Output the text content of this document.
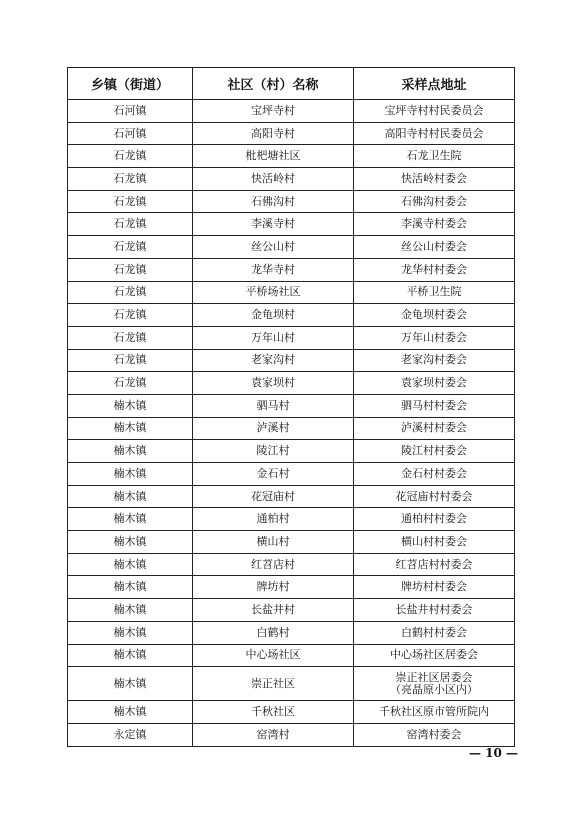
乡镇（街道）	社区（村）名称	采样点地址
石河镇	宝坪寺村	宝坪寺村村民委员会
石河镇	高阳寺村	高阳寺村村民委员会
石龙镇	枇杷塘社区	石龙卫生院
石龙镇	快活岭村	快活岭村委会
石龙镇	石佛沟村	石佛沟村委会
石龙镇	李溪寺村	李溪寺村委会
石龙镇	丝公山村	丝公山村委会
石龙镇	龙华寺村	龙华村村委会
石龙镇	平桥场社区	平桥卫生院
石龙镇	金龟坝村	金龟坝村委会
石龙镇	万年山村	万年山村委会
石龙镇	老家沟村	老家沟村委会
石龙镇	袁家坝村	袁家坝村委会
楠木镇	驷马村	驷马村村委会
楠木镇	泸溪村	泸溪村村委会
楠木镇	陵江村	陵江村村委会
楠木镇	金石村	金石村村委会
楠木镇	花冠庙村	花冠庙村村委会
楠木镇	通柏村	通柏村村委会
楠木镇	横山村	横山村村委会
楠木镇	红苕店村	红苕店村村委会
楠木镇	牌坊村	牌坊村村委会
楠木镇	长盐井村	长盐井村村委会
楠木镇	白鹤村	白鹤村村委会
楠木镇	中心场社区	中心场社区居委会
楠木镇	崇正社区	崇正社区居委会
（亮晶原小区内）
楠木镇	千秋社区	千秋社区原市管所院内
永定镇	窑湾村	窑湾村委会
— 10 —
